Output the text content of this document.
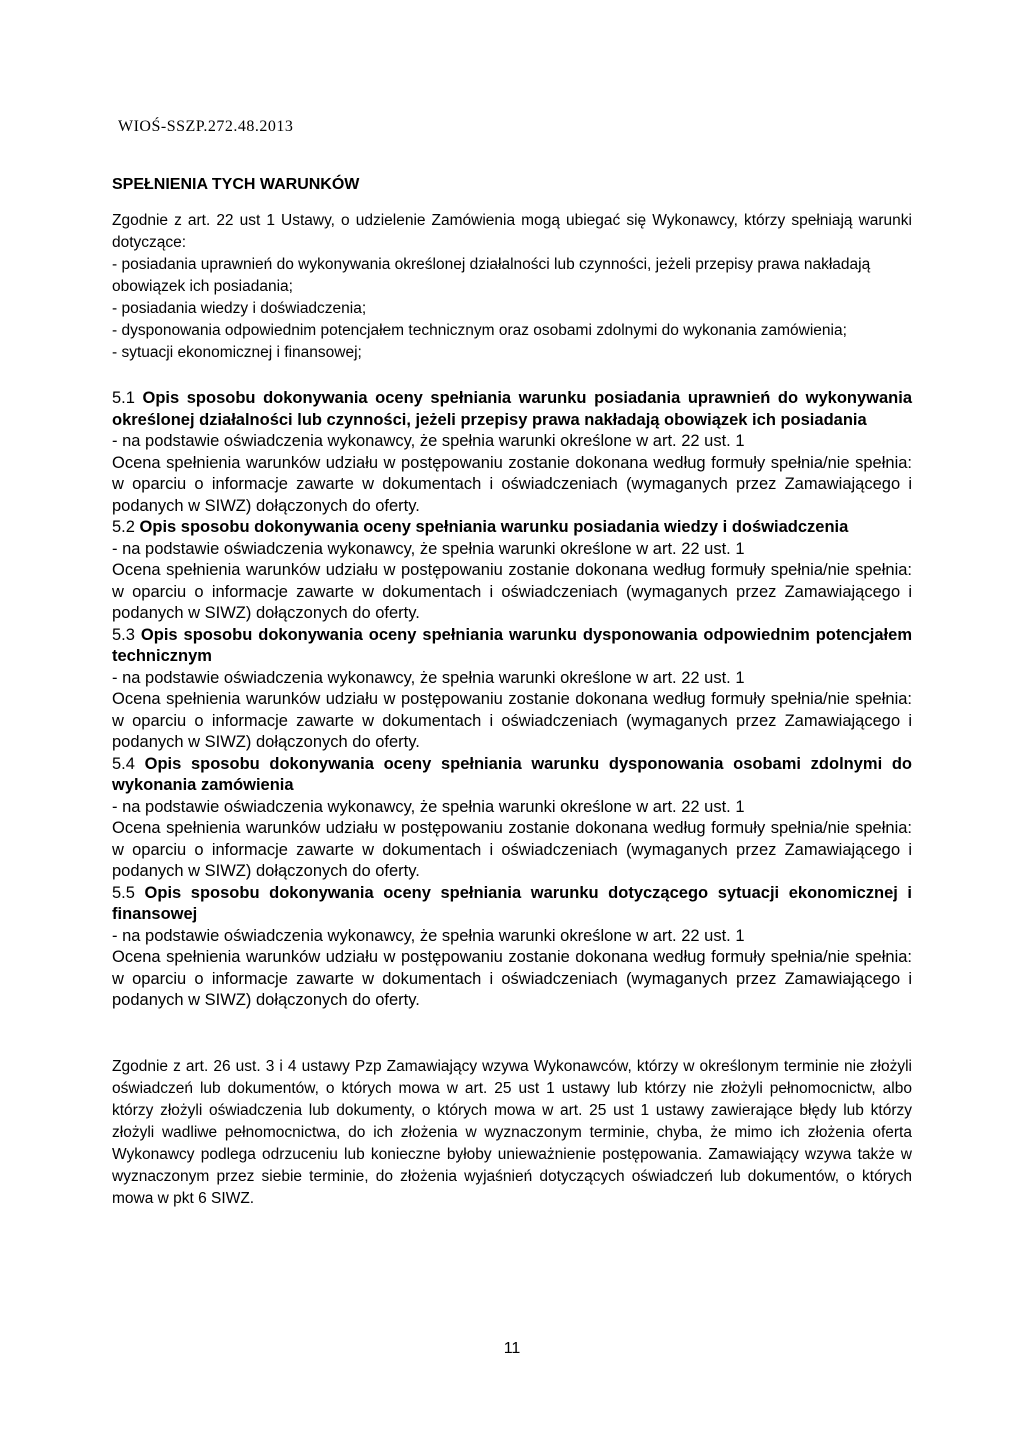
WIOŚ-SSZP.272.48.2013
SPEŁNIENIA TYCH WARUNKÓW
Zgodnie z art. 22 ust 1 Ustawy, o udzielenie Zamówienia mogą ubiegać się Wykonawcy, którzy spełniają warunki dotyczące:
- posiadania uprawnień do wykonywania określonej działalności lub czynności, jeżeli przepisy prawa nakładają obowiązek ich posiadania;
- posiadania wiedzy i doświadczenia;
- dysponowania odpowiednim potencjałem technicznym oraz osobami zdolnymi do wykonania zamówienia;
- sytuacji ekonomicznej i finansowej;

5.1 Opis sposobu dokonywania oceny spełniania warunku posiadania uprawnień do wykonywania określonej działalności lub czynności, jeżeli przepisy prawa nakładają obowiązek ich posiadania

- na podstawie oświadczenia wykonawcy, że spełnia warunki określone w art. 22 ust. 1

Ocena spełnienia warunków udziału w postępowaniu zostanie dokonana według formuły spełnia/nie spełnia: w oparciu o informacje zawarte w dokumentach i oświadczeniach (wymaganych przez Zamawiającego i podanych w SIWZ) dołączonych do oferty.

5.2 Opis sposobu dokonywania oceny spełniania warunku posiadania wiedzy i doświadczenia

- na podstawie oświadczenia wykonawcy, że spełnia warunki określone w art. 22 ust. 1

Ocena spełnienia warunków udziału w postępowaniu zostanie dokonana według formuły spełnia/nie spełnia: w oparciu o informacje zawarte w dokumentach i oświadczeniach (wymaganych przez Zamawiającego i podanych w SIWZ) dołączonych do oferty.

5.3 Opis sposobu dokonywania oceny spełniania warunku dysponowania odpowiednim potencjałem technicznym

- na podstawie oświadczenia wykonawcy, że spełnia warunki określone w art. 22 ust. 1

Ocena spełnienia warunków udziału w postępowaniu zostanie dokonana według formuły spełnia/nie spełnia: w oparciu o informacje zawarte w dokumentach i oświadczeniach (wymaganych przez Zamawiającego i podanych w SIWZ) dołączonych do oferty.

5.4 Opis sposobu dokonywania oceny spełniania warunku dysponowania osobami zdolnymi do wykonania zamówienia

- na podstawie oświadczenia wykonawcy, że spełnia warunki określone w art. 22 ust. 1

Ocena spełnienia warunków udziału w postępowaniu zostanie dokonana według formuły spełnia/nie spełnia: w oparciu o informacje zawarte w dokumentach i oświadczeniach (wymaganych przez Zamawiającego i podanych w SIWZ) dołączonych do oferty.

5.5 Opis sposobu dokonywania oceny spełniania warunku dotyczącego sytuacji ekonomicznej i finansowej

- na podstawie oświadczenia wykonawcy, że spełnia warunki określone w art. 22 ust. 1

Ocena spełnienia warunków udziału w postępowaniu zostanie dokonana według formuły spełnia/nie spełnia: w oparciu o informacje zawarte w dokumentach i oświadczeniach (wymaganych przez Zamawiającego i podanych w SIWZ) dołączonych do oferty.

Zgodnie z art. 26 ust. 3 i 4 ustawy Pzp Zamawiający wzywa Wykonawców, którzy w określonym terminie nie złożyli oświadczeń lub dokumentów, o których mowa w art. 25 ust 1 ustawy lub którzy nie złożyli pełnomocnictw, albo którzy złożyli oświadczenia lub dokumenty, o których mowa w art. 25 ust 1 ustawy zawierające błędy lub którzy złożyli wadliwe pełnomocnictwa, do ich złożenia w wyznaczonym terminie, chyba, że mimo ich złożenia oferta Wykonawcy podlega odrzuceniu lub konieczne byłoby unieważnienie postępowania. Zamawiający wzywa także w wyznaczonym przez siebie terminie, do złożenia wyjaśnień dotyczących oświadczeń lub dokumentów, o których mowa w pkt 6 SIWZ.

11
